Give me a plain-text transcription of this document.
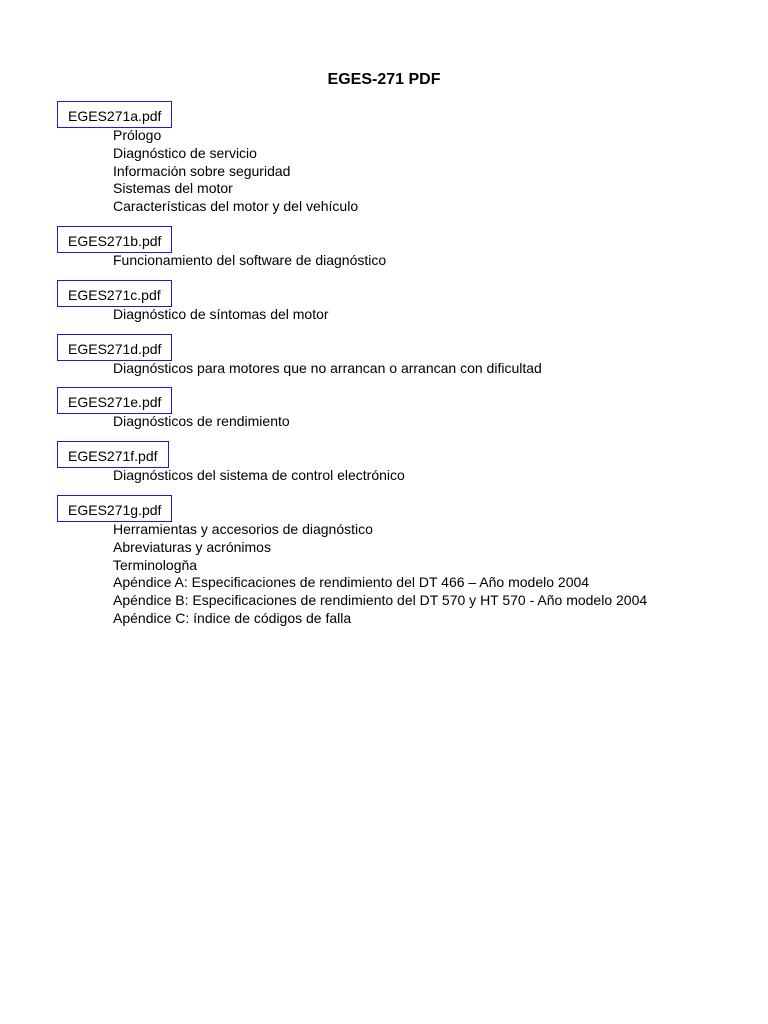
EGES-271 PDF
EGES271a.pdf
Prólogo
Diagnóstico de servicio
Información sobre seguridad
Sistemas del motor
Características del motor y del vehículo
EGES271b.pdf
Funcionamiento del software de diagnóstico
EGES271c.pdf
Diagnóstico de síntomas del motor
EGES271d.pdf
Diagnósticos para motores que no arrancan o arrancan con dificultad
EGES271e.pdf
Diagnósticos de rendimiento
EGES271f.pdf
Diagnósticos del sistema de control electrónico
EGES271g.pdf
Herramientas y accesorios de diagnóstico
Abreviaturas y acrónimos
Terminologňa
Apéndice A: Especificaciones de rendimiento del DT 466 – Año modelo 2004
Apéndice B: Especificaciones de rendimiento del DT 570 y HT 570 - Año modelo 2004
Apéndice C: índice de códigos de falla
